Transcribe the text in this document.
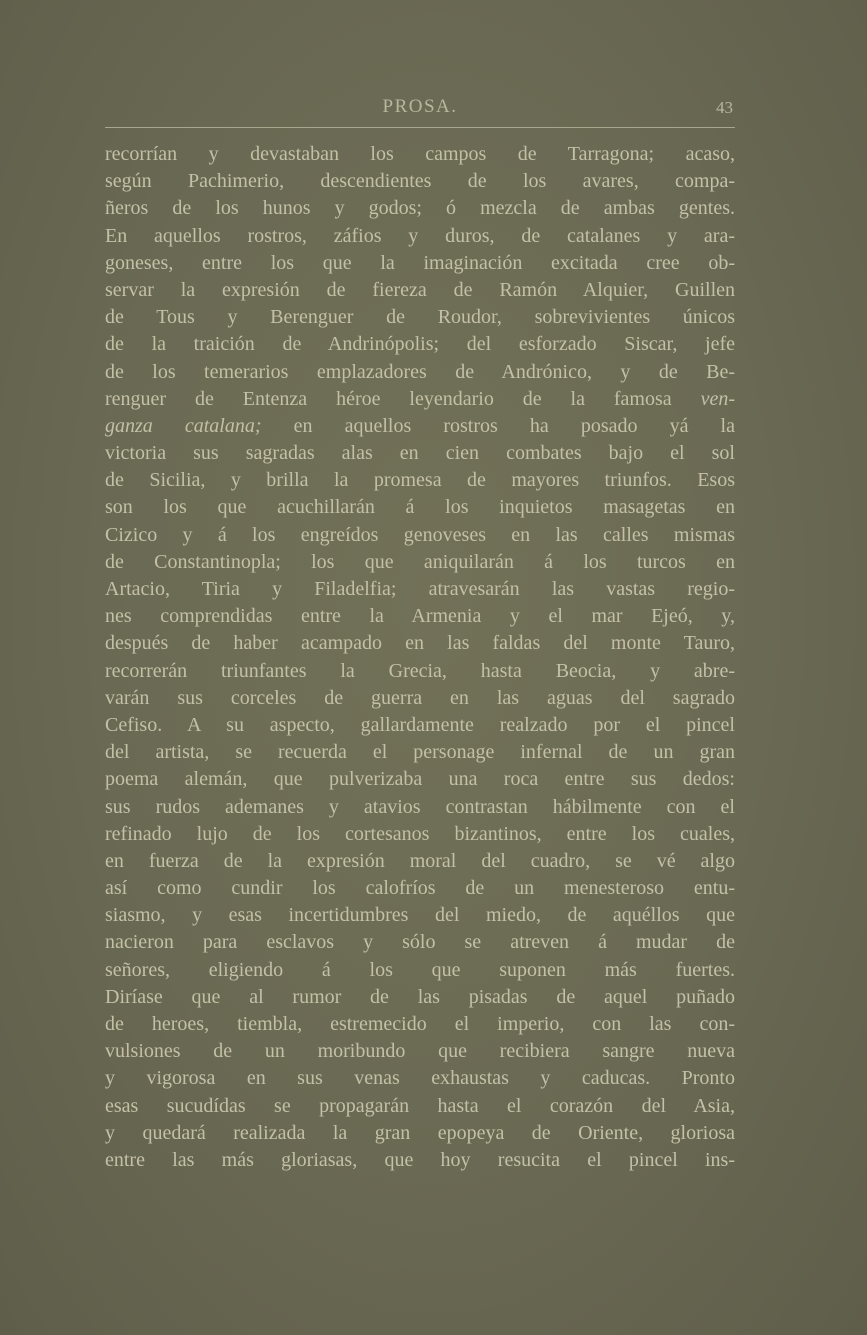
PROSA.	43
recorrían y devastaban los campos de Tarragona; acaso,
según Pachimerio, descendientes de los avares, compa-
ñeros de los hunos y godos; ó mezcla de ambas gentes.
En aquellos rostros, záfios y duros, de catalanes y ara-
goneses, entre los que la imaginación excitada cree ob-
servar la expresión de fiereza de Ramón Alquier, Guillen
de Tous y Berenguer de Roudor, sobrevivientes únicos
de la traición de Andrinópolis; del esforzado Siscar, jefe
de los temerarios emplazadores de Andrónico, y de Be-
renguer de Entenza héroe leyendario de la famosa ven-
ganza catalana; en aquellos rostros ha posado yá la
victoria sus sagradas alas en cien combates bajo el sol
de Sicilia, y brilla la promesa de mayores triunfos. Esos
son los que acuchillarán á los inquietos masagetas en
Cizico y á los engreídos genoveses en las calles mismas
de Constantinopla; los que aniquilarán á los turcos en
Artacio, Tiria y Filadelfia; atravesarán las vastas regio-
nes comprendidas entre la Armenia y el mar Ejeó, y,
después de haber acampado en las faldas del monte Tauro,
recorrerán triunfantes la Grecia, hasta Beocia, y abre-
varán sus corceles de guerra en las aguas del sagrado
Cefiso. A su aspecto, gallardamente realzado por el pincel
del artista, se recuerda el personage infernal de un gran
poema alemán, que pulverizaba una roca entre sus dedos:
sus rudos ademanes y atavios contrastan hábilmente con el
refinado lujo de los cortesanos bizantinos, entre los cuales,
en fuerza de la expresión moral del cuadro, se vé algo
así como cundir los calofríos de un menesteroso entu-
siasmo, y esas incertidumbres del miedo, de aquéllos que
nacieron para esclavos y sólo se atreven á mudar de
señores, eligiendo á los que suponen más fuertes.
Diríase que al rumor de las pisadas de aquel puñado
de heroes, tiembla, estremecido el imperio, con las con-
vulsiones de un moribundo que recibiera sangre nueva
y vigorosa en sus venas exhaustas y caducas. Pronto
esas sucudídas se propagarán hasta el corazón del Asia,
y quedará realizada la gran epopeya de Oriente, gloriosa
entre las más gloriasas, que hoy resucita el pincel ins-
